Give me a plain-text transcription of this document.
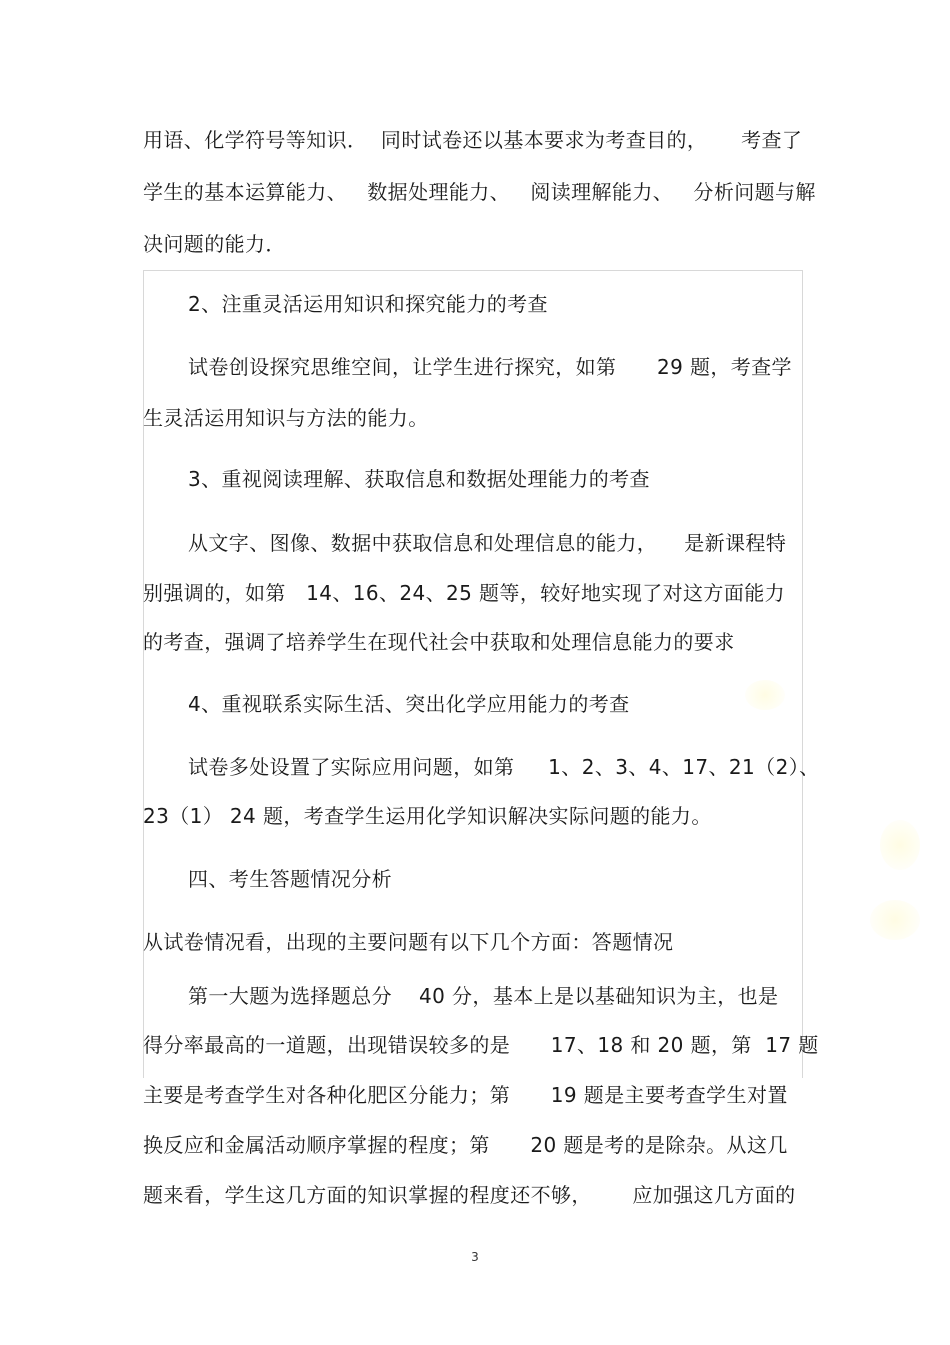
用语、化学符号等知识．  同时试卷还以基本要求为考查目的，     考查了
学生的基本运算能力、   数据处理能力、   阅读理解能力、   分析问题与解
决问题的能力．
2、注重灵活运用知识和探究能力的考查
试卷创设探究思维空间，让学生进行探究，如第      29 题，考查学
生灵活运用知识与方法的能力。
3、重视阅读理解、获取信息和数据处理能力的考查
从文字、图像、数据中获取信息和处理信息的能力，    是新课程特
别强调的，如第   14、16、24、25 题等，较好地实现了对这方面能力
的考查，强调了培养学生在现代社会中获取和处理信息能力的要求
4、重视联系实际生活、突出化学应用能力的考查
试卷多处设置了实际应用问题，如第     1、2、3、4、17、21（2）、
23（1） 24 题，考查学生运用化学知识解决实际问题的能力。
四、考生答题情况分析
从试卷情况看，出现的主要问题有以下几个方面：答题情况
第一大题为选择题总分    40 分，基本上是以基础知识为主，也是
得分率最高的一道题，出现错误较多的是      17、18 和 20 题，第  17 题
主要是考查学生对各种化肥区分能力；第      19 题是主要考查学生对置
换反应和金属活动顺序掌握的程度；第      20 题是考的是除杂。从这几
题来看，学生这几方面的知识掌握的程度还不够，      应加强这几方面的
3
